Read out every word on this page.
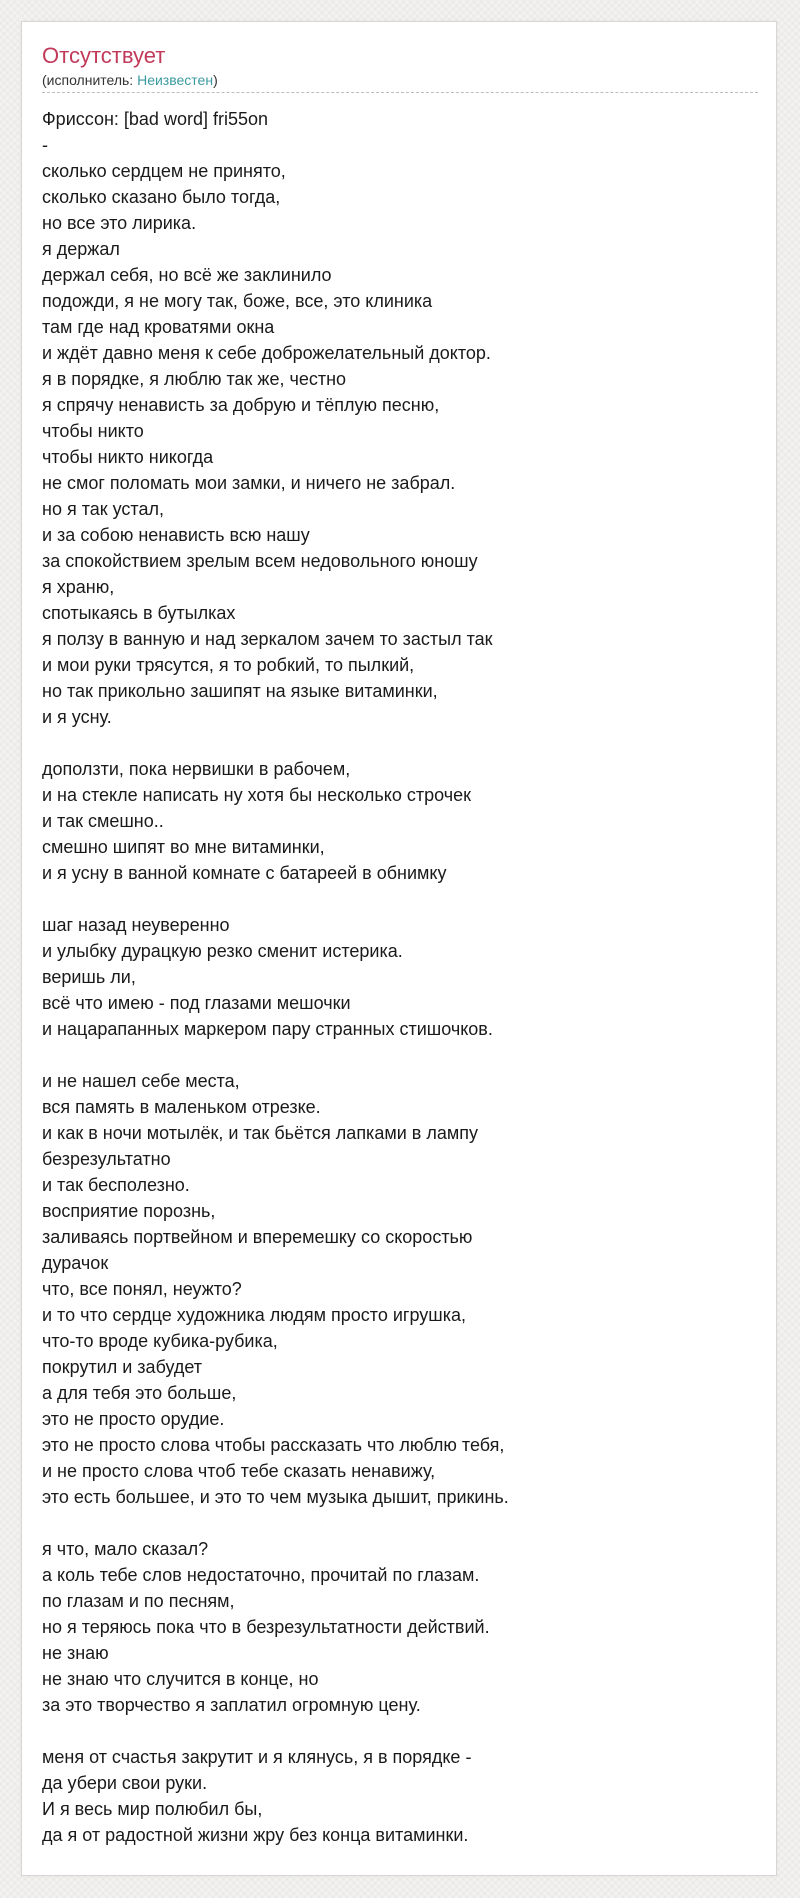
Отсутствует
(исполнитель: Неизвестен)
Фриссон: [bad word] fri55on
-
сколько сердцем не принято,
сколько сказано было тогда,
но все это лирика.
я держал
держал себя, но всё же заклинило
подожди, я не могу так, боже, все, это клиника
там где над кроватями окна
и ждёт давно меня к себе доброжелательный доктор.
я в порядке, я люблю так же, честно
я спрячу ненависть за добрую и тёплую песню,
чтобы никто
чтобы никто никогда
не смог поломать мои замки, и ничего не забрал.
но я так устал,
и за собою ненависть всю нашу
за спокойствием зрелым всем недовольного юношу
я храню,
спотыкаясь в бутылках
я ползу в ванную и над зеркалом зачем то застыл так
и мои руки трясутся, я то робкий, то пылкий,
но так прикольно зашипят на языке витаминки,
и я усну.

доползти, пока нервишки в рабочем,
и на стекле написать ну хотя бы несколько строчек
и так смешно..
смешно шипят во мне витаминки,
и я усну в ванной комнате с батареей в обнимку

шаг назад неуверенно
и улыбку дурацкую резко сменит истерика.
веришь ли,
всё что имею - под глазами мешочки
и нацарапанных маркером пару странных стишочков.

и не нашел себе места,
вся память в маленьком отрезке.
и как в ночи мотылёк, и так бьётся лапками в лампу
безрезультатно
и так бесполезно.
восприятие порознь,
заливаясь портвейном и вперемешку со скоростью
дурачок
что, все понял, неужто?
и то что сердце художника людям просто игрушка,
что-то вроде кубика-рубика,
покрутил и забудет
а для тебя это больше,
это не просто орудие.
это не просто слова чтобы рассказать что люблю тебя,
и не просто слова чтоб тебе сказать ненавижу,
это есть большее, и это то чем музыка дышит, прикинь.

я что, мало сказал?
а коль тебе слов недостаточно, прочитай по глазам.
по глазам и по песням,
но я теряюсь пока что в безрезультатности действий.
не знаю
не знаю что случится в конце, но
за это творчество я заплатил огромную цену.

меня от счастья закрутит и я клянусь, я в порядке -
да убери свои руки.
И я весь мир полюбил бы,
да я от радостной жизни жру без конца витаминки.
